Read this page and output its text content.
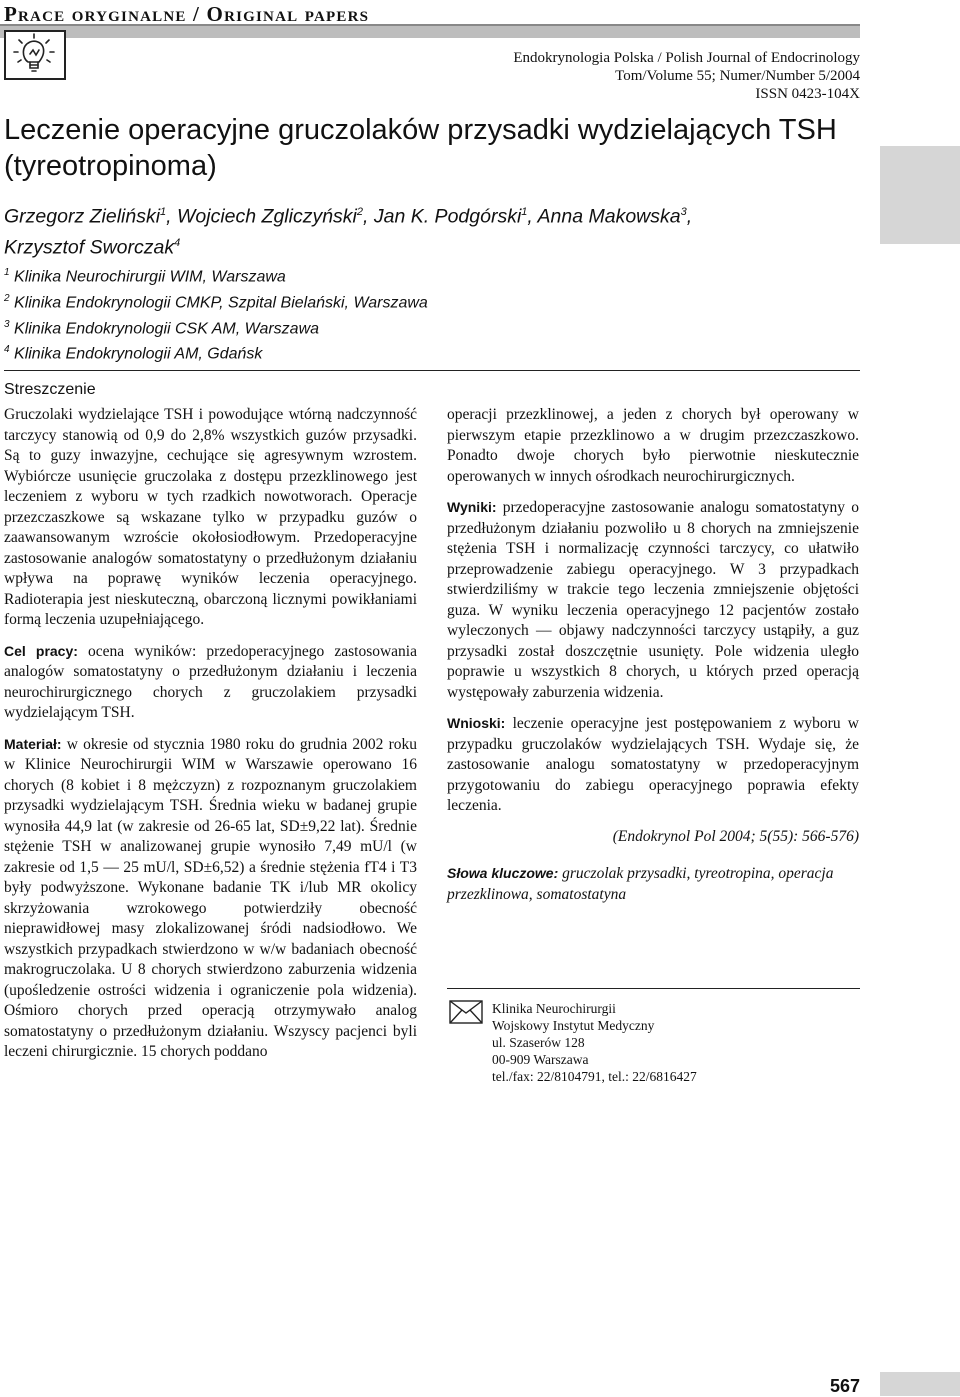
Prace oryginalne / Original papers
Endokrynologia Polska / Polish Journal of Endocrinology
Tom/Volume 55; Numer/Number 5/2004
ISSN 0423-104X
Leczenie operacyjne gruczolaków przysadki wydzielających TSH
(tyreotropinoma)
Grzegorz Zieliński$^1$, Wojciech Zgliczyński$^2$, Jan K. Podgórski$^1$, Anna Makowska$^3$,
Krzysztof Sworczak$^4$
$^1$ Klinika Neurochirurgii WIM, Warszawa
$^2$ Klinika Endokrynologii CMKP, Szpital Bielański, Warszawa
$^3$ Klinika Endokrynologii CSK AM, Warszawa
$^4$ Klinika Endokrynologii AM, Gdańsk
Streszczenie

Gruczolaki wydzielające TSH i powodujące wtórną nadczynność tarczycy stanowią od 0,9 do 2,8% wszystkich guzów przysadki. Są to guzy inwazyjne, cechujące się agresywnym wzrostem. Wybiórcze usunięcie gruczolaka z dostępu przezklinowego jest leczeniem z wyboru w tych rzadkich nowotworach. Operacje przezczaszkowe są wskazane tylko w przypadku guzów o zaawansowanym wzroście okołosiodłowym. Przedoperacyjne zastosowanie analogów somatostatyny o przedłużonym działaniu wpływa na poprawę wyników leczenia operacyjnego. Radioterapia jest nieskuteczną, obarczoną licznymi powikłaniami formą leczenia uzupełniającego.

Cel pracy: ocena wyników: przedoperacyjnego zastosowania analogów somatostatyny o przedłużonym działaniu i leczenia neurochirurgicznego chorych z gruczolakiem przysadki wydzielającym TSH.

Materiał: w okresie od stycznia 1980 roku do grudnia 2002 roku w Klinice Neurochirurgii WIM w Warszawie operowano 16 chorych (8 kobiet i 8 mężczyzn) z rozpoznanym gruczolakiem przysadki wydzielającym TSH. Średnia wieku w badanej grupie wynosiła 44,9 lat (w zakresie od 26-65 lat, SD±9,22 lat). Średnie stężenie TSH w analizowanej grupie wynosiło 7,49 mU/l (w zakresie od 1,5 — 25 mU/l, SD±6,52) a średnie stężenia fT4 i T3 były podwyższone. Wykonane badanie TK i/lub MR okolicy skrzyżowania wzrokowego potwierdziły obecność nieprawidłowej masy zlokalizowanej śródi nadsiodłowo. We wszystkich przypadkach stwierdzono w w/w badaniach obecność makrogruczolaka. U 8 chorych stwierdzono zaburzenia widzenia (upośledzenie ostrości widzenia i ograniczenie pola widzenia). Ośmioro chorych przed operacją otrzymywało analog somatostatyny o przedłużonym działaniu. Wszyscy pacjenci byli leczeni chirurgicznie. 15 chorych poddano

operacji przezklinowej, a jeden z chorych był operowany w pierwszym etapie przezklinowo a w drugim przezczaszkowo. Ponadto dwoje chorych było pierwotnie nieskutecznie operowanych w innych ośrodkach neurochirurgicznych.

Wyniki: przedoperacyjne zastosowanie analogu somatostatyny o przedłużonym działaniu pozwoliło u 8 chorych na zmniejszenie stężenia TSH i normalizację czynności tarczycy, co ułatwiło przeprowadzenie zabiegu operacyjnego. W 3 przypadkach stwierdziliśmy w trakcie tego leczenia zmniejszenie objętości guza. W wyniku leczenia operacyjnego 12 pacjentów zostało wyleczonych — objawy nadczynności tarczycy ustąpiły, a guz przysadki został doszczętnie usunięty. Pole widzenia uległo poprawie u wszystkich 8 chorych, u których przed operacją występowały zaburzenia widzenia.

Wnioski: leczenie operacyjne jest postępowaniem z wyboru w przypadku gruczolaków wydzielających TSH. Wydaje się, że zastosowanie analogu somatostatyny w przedoperacyjnym przygotowaniu do zabiegu operacyjnego poprawia efekty leczenia.

(Endokrynol Pol 2004; 5(55): 566-576)

Słowa kluczowe: gruczolak przysadki, tyreotropina, operacja przezklinowa, somatostatyna

Klinika Neurochirurgii
Wojskowy Instytut Medyczny
ul. Szaserów 128
00-909 Warszawa
tel./fax: 22/8104791, tel.: 22/6816427
567
